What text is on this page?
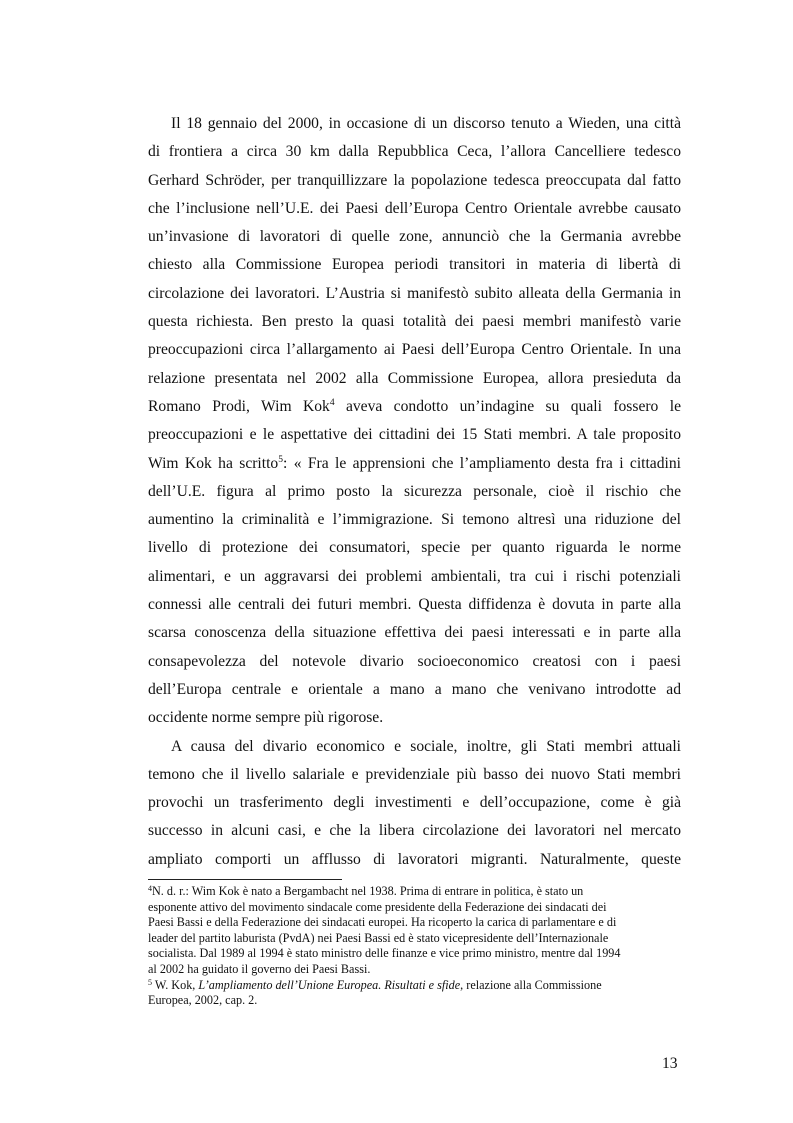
Il 18 gennaio del 2000, in occasione di un discorso tenuto a Wieden, una città
di frontiera a circa 30 km dalla Repubblica Ceca, l’allora Cancelliere tedesco
Gerhard Schröder, per tranquillizzare la popolazione tedesca preoccupata dal fatto
che l’inclusione nell’U.E. dei Paesi dell’Europa Centro Orientale avrebbe causato
un’invasione di lavoratori di quelle zone, annunciò che la Germania avrebbe
chiesto alla Commissione Europea periodi transitori in materia di libertà di
circolazione dei lavoratori. L’Austria si manifestò subito alleata della Germania in
questa richiesta. Ben presto la quasi totalità dei paesi membri manifestò varie
preoccupazioni circa l’allargamento ai Paesi dell’Europa Centro Orientale. In una
relazione presentata nel 2002 alla Commissione Europea, allora presieduta da
Romano Prodi, Wim Kok$^4$ aveva condotto un’indagine su quali fossero le
preoccupazioni e le aspettative dei cittadini dei 15 Stati membri. A tale proposito
Wim Kok ha scritto$^5$: « Fra le apprensioni che l’ampliamento desta fra i cittadini
dell’U.E. figura al primo posto la sicurezza personale, cioè il rischio che
aumentino la criminalità e l’immigrazione. Si temono altresì una riduzione del
livello di protezione dei consumatori, specie per quanto riguarda le norme
alimentari, e un aggravarsi dei problemi ambientali, tra cui i rischi potenziali
connessi alle centrali dei futuri membri. Questa diffidenza è dovuta in parte alla
scarsa conoscenza della situazione effettiva dei paesi interessati e in parte alla
consapevolezza del notevole divario socioeconomico creatosi con i paesi
dell’Europa centrale e orientale a mano a mano che venivano introdotte ad
occidente norme sempre più rigorose.
A causa del divario economico e sociale, inoltre, gli Stati membri attuali
temono che il livello salariale e previdenziale più basso dei nuovo Stati membri
provochi un trasferimento degli investimenti e dell’occupazione, come è già
successo in alcuni casi, e che la libera circolazione dei lavoratori nel mercato
ampliato comporti un afflusso di lavoratori migranti. Naturalmente, queste
$^4$N. d. r.: Wim Kok è nato a Bergambacht nel 1938. Prima di entrare in politica, è stato un
esponente attivo del movimento sindacale come presidente della Federazione dei sindacati dei
Paesi Bassi e della Federazione dei sindacati europei. Ha ricoperto la carica di parlamentare e di
leader del partito laburista (PvdA) nei Paesi Bassi ed è stato vicepresidente dell’Internazionale
socialista. Dal 1989 al 1994 è stato ministro delle finanze e vice primo ministro, mentre dal 1994
al 2002 ha guidato il governo dei Paesi Bassi.
$^5$ W. Kok, L’ampliamento dell’Unione Europea. Risultati e sfide, relazione alla Commissione
Europea, 2002, cap. 2.
13
